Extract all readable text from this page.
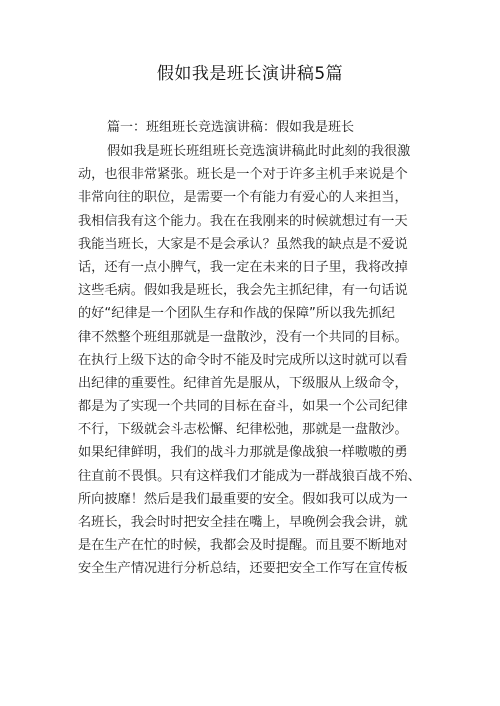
假如我是班长演讲稿5篇
篇一：班组班长竞选演讲稿：假如我是班长
假如我是班长班组班长竞选演讲稿此时此刻的我很激
动，也很非常紧张。班长是一个对于许多主机手来说是个
非常向往的职位，是需要一个有能力有爱心的人来担当，
我相信我有这个能力。我在在我刚来的时候就想过有一天
我能当班长，大家是不是会承认？虽然我的缺点是不爱说
话，还有一点小脾气，我一定在未来的日子里，我将改掉
这些毛病。假如我是班长，我会先主抓纪律，有一句话说
的好“纪律是一个团队生存和作战的保障”所以我先抓纪
律不然整个班组那就是一盘散沙，没有一个共同的目标。
在执行上级下达的命令时不能及时完成所以这时就可以看
出纪律的重要性。纪律首先是服从，下级服从上级命令，
都是为了实现一个共同的目标在奋斗，如果一个公司纪律
不行，下级就会斗志松懈、纪律松弛，那就是一盘散沙。
如果纪律鲜明，我们的战斗力那就是像战狼一样嗷嗷的勇
往直前不畏惧。只有这样我们才能成为一群战狼百战不殆、
所向披靡！然后是我们最重要的安全。假如我可以成为一
名班长，我会时时把安全挂在嘴上，早晚例会我会讲，就
是在生产在忙的时候，我都会及时提醒。而且要不断地对
安全生产情况进行分析总结，还要把安全工作写在宣传板
